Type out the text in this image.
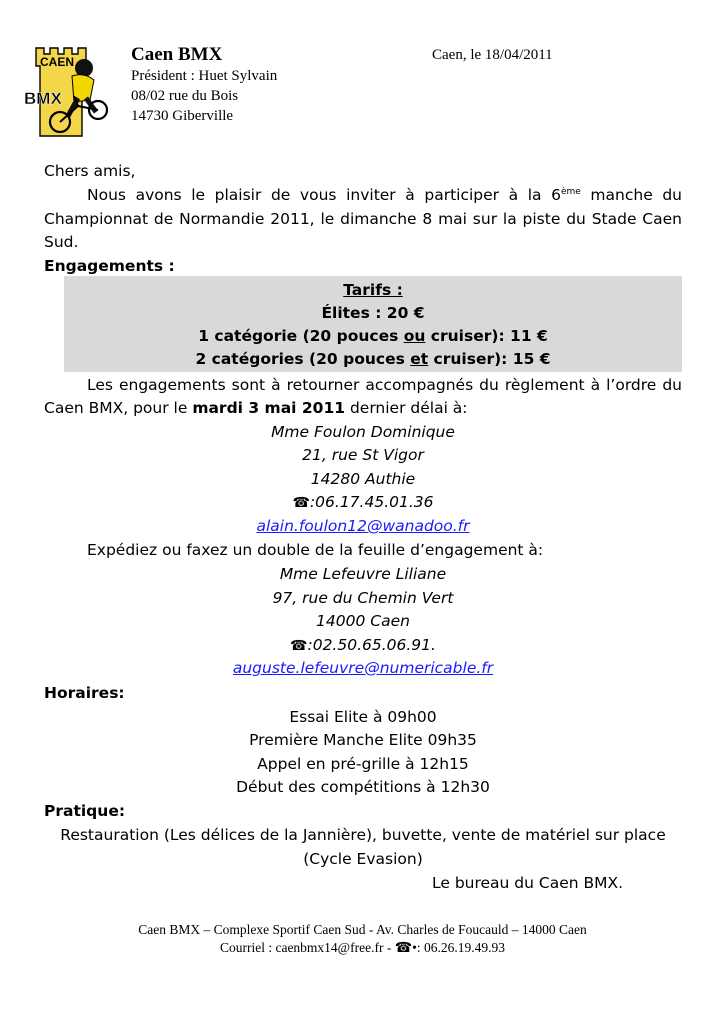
CAEN
BMX
Caen BMX	Caen, le 18/04/2011
Président : Huet Sylvain
08/02 rue du Bois
14730 Giberville
Chers amis,
Nous avons le plaisir de vous inviter à participer à la 6ème manche du
Championnat de Normandie 2011, le dimanche 8 mai sur la piste du Stade Caen
Sud.
Engagements :
Tarifs :
Élites : 20 €
1 catégorie (20 pouces ou cruiser): 11 €
2 catégories (20 pouces et cruiser): 15 €
Les engagements sont à retourner accompagnés du règlement à l’ordre du
Caen BMX, pour le mardi 3 mai 2011 dernier délai à:
Mme Foulon Dominique
21, rue St Vigor
14280 Authie
☎:06.17.45.01.36
alain.foulon12@wanadoo.fr
Expédiez ou faxez un double de la feuille d’engagement à:
Mme Lefeuvre Liliane
97, rue du Chemin Vert
14000 Caen
☎:02.50.65.06.91.
auguste.lefeuvre@numericable.fr
Horaires:
Essai Elite à 09h00
Première Manche Elite 09h35
Appel en pré-grille à 12h15
Début des compétitions à 12h30
Pratique:
Restauration (Les délices de la Jannière), buvette, vente de matériel sur place
(Cycle Evasion)
Le bureau du Caen BMX.
Caen BMX – Complexe Sportif Caen Sud - Av. Charles de Foucauld – 14000 Caen
Courriel : caenbmx14@free.fr - ☎•: 06.26.19.49.93
